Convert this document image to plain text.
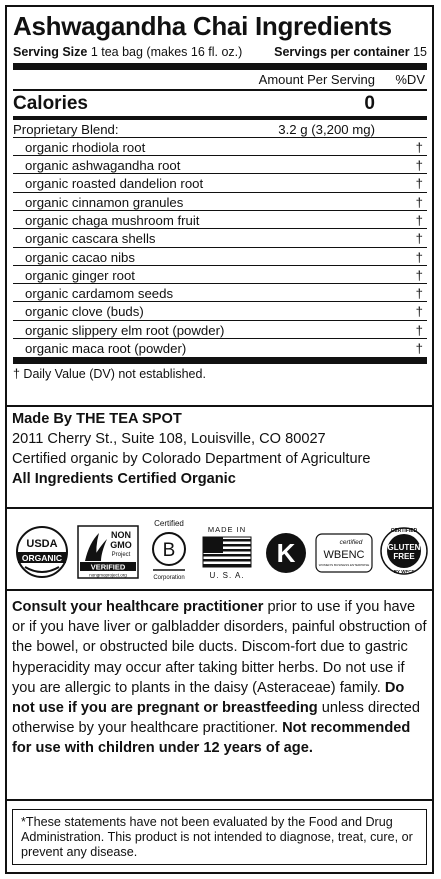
Ashwagandha Chai Ingredients
Serving Size 1 tea bag (makes 16 fl. oz.)	Servings per container 15
Amount Per Serving %DV
Calories	0
Proprietary Blend:	3.2 g (3,200 mg)
organic rhodiola root	†
organic ashwagandha root	†
organic roasted dandelion root	†
organic cinnamon granules	†
organic chaga mushroom fruit	†
organic cascara shells	†
organic cacao nibs	†
organic ginger root	†
organic cardamom seeds	†
organic clove (buds)	†
organic slippery elm root (powder)	†
organic maca root (powder)	†
† Daily Value (DV) not established.
Made By THE TEA SPOT
2011 Cherry St., Suite 108, Louisville, CO 80027
Certified organic by Colorado Department of Agriculture
All Ingredients Certified Organic
USDA
ORGANIC
NON
GMO
Project
VERIFIED
nongmoproject.org
Certified
B
Corporation
MADE IN
U. S. A.
K	certified
WBENC
WOMEN'S BUSINESS ENTERPRISE
CERTIFIED
GLUTEN
FREE
BY WFCF
Consult your healthcare practitioner prior to use if you have or if you have liver or galbladder disorders, painful obstruction of the bowel, or obstructed bile ducts. Discom-fort due to gastric hyperacidity may occur after taking bitter herbs. Do not use if you are allergic to plants in the daisy (Asteraceae) family. Do not use if you are pregnant or breastfeeding unless directed otherwise by your healthcare practitioner. Not recommended for use with children under 12 years of age.
*These statements have not been evaluated by the Food and Drug Administration. This product is not intended to diagnose, treat, cure, or prevent any disease.
